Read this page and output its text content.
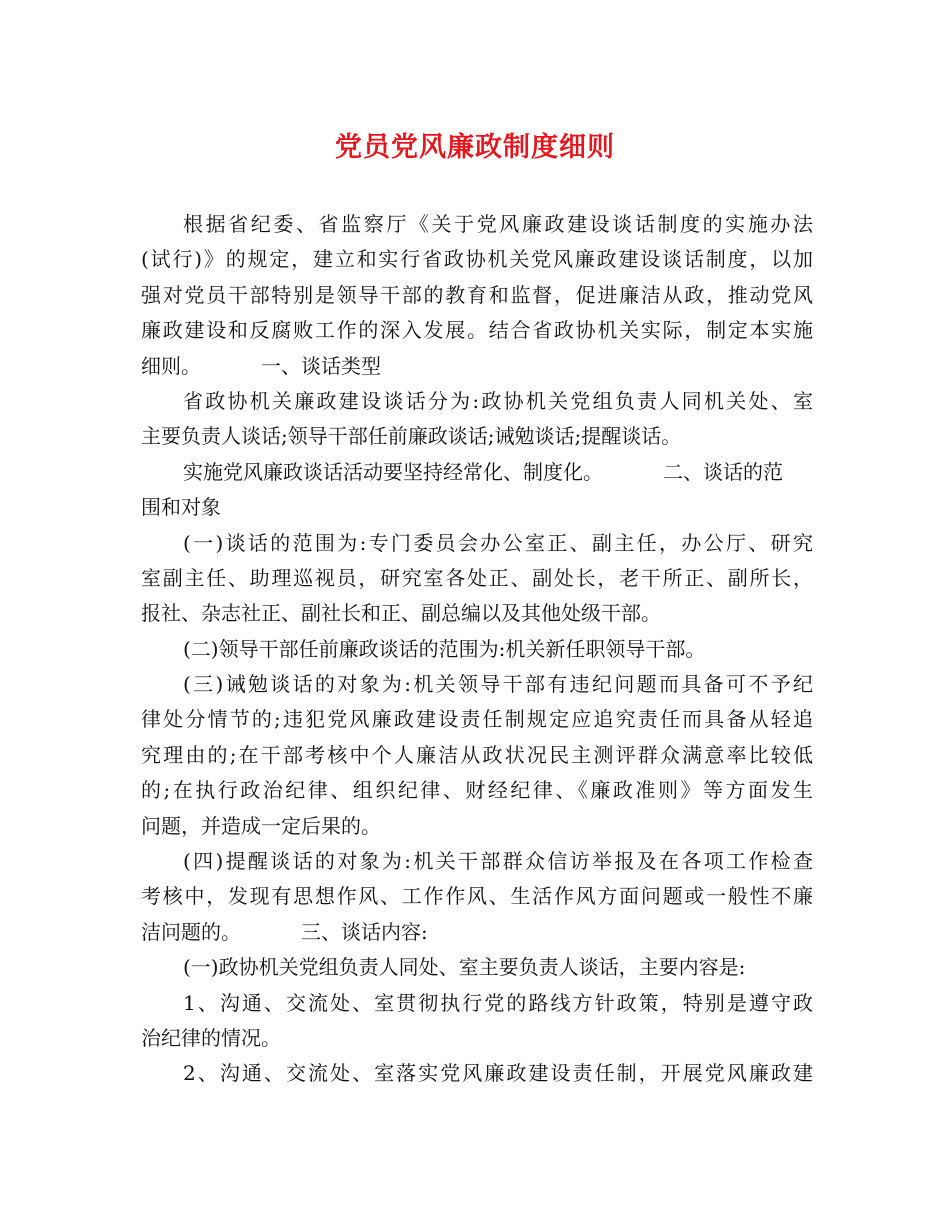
党员党风廉政制度细则
根据省纪委、省监察厅《关于党风廉政建设谈话制度的实施办法
(试行)》的规定，建立和实行省政协机关党风廉政建设谈话制度，以加
强对党员干部特别是领导干部的教育和监督，促进廉洁从政，推动党风
廉政建设和反腐败工作的深入发展。结合省政协机关实际，制定本实施
细则。	一、谈话类型
省政协机关廉政建设谈话分为:政协机关党组负责人同机关处、室
主要负责人谈话;领导干部任前廉政谈话;诫勉谈话;提醒谈话。
实施党风廉政谈话活动要坚持经常化、制度化。	二、谈话的范
围和对象
(一)谈话的范围为:专门委员会办公室正、副主任，办公厅、研究
室副主任、助理巡视员，研究室各处正、副处长，老干所正、副所长，
报社、杂志社正、副社长和正、副总编以及其他处级干部。
(二)领导干部任前廉政谈话的范围为:机关新任职领导干部。
(三)诫勉谈话的对象为:机关领导干部有违纪问题而具备可不予纪
律处分情节的;违犯党风廉政建设责任制规定应追究责任而具备从轻追
究理由的;在干部考核中个人廉洁从政状况民主测评群众满意率比较低
的;在执行政治纪律、组织纪律、财经纪律、《廉政准则》等方面发生
问题，并造成一定后果的。
(四)提醒谈话的对象为:机关干部群众信访举报及在各项工作检查
考核中，发现有思想作风、工作作风、生活作风方面问题或一般性不廉
洁问题的。	三、谈话内容:
(一)政协机关党组负责人同处、室主要负责人谈话，主要内容是:
1、沟通、交流处、室贯彻执行党的路线方针政策，特别是遵守政
治纪律的情况。
2、沟通、交流处、室落实党风廉政建设责任制，开展党风廉政建
